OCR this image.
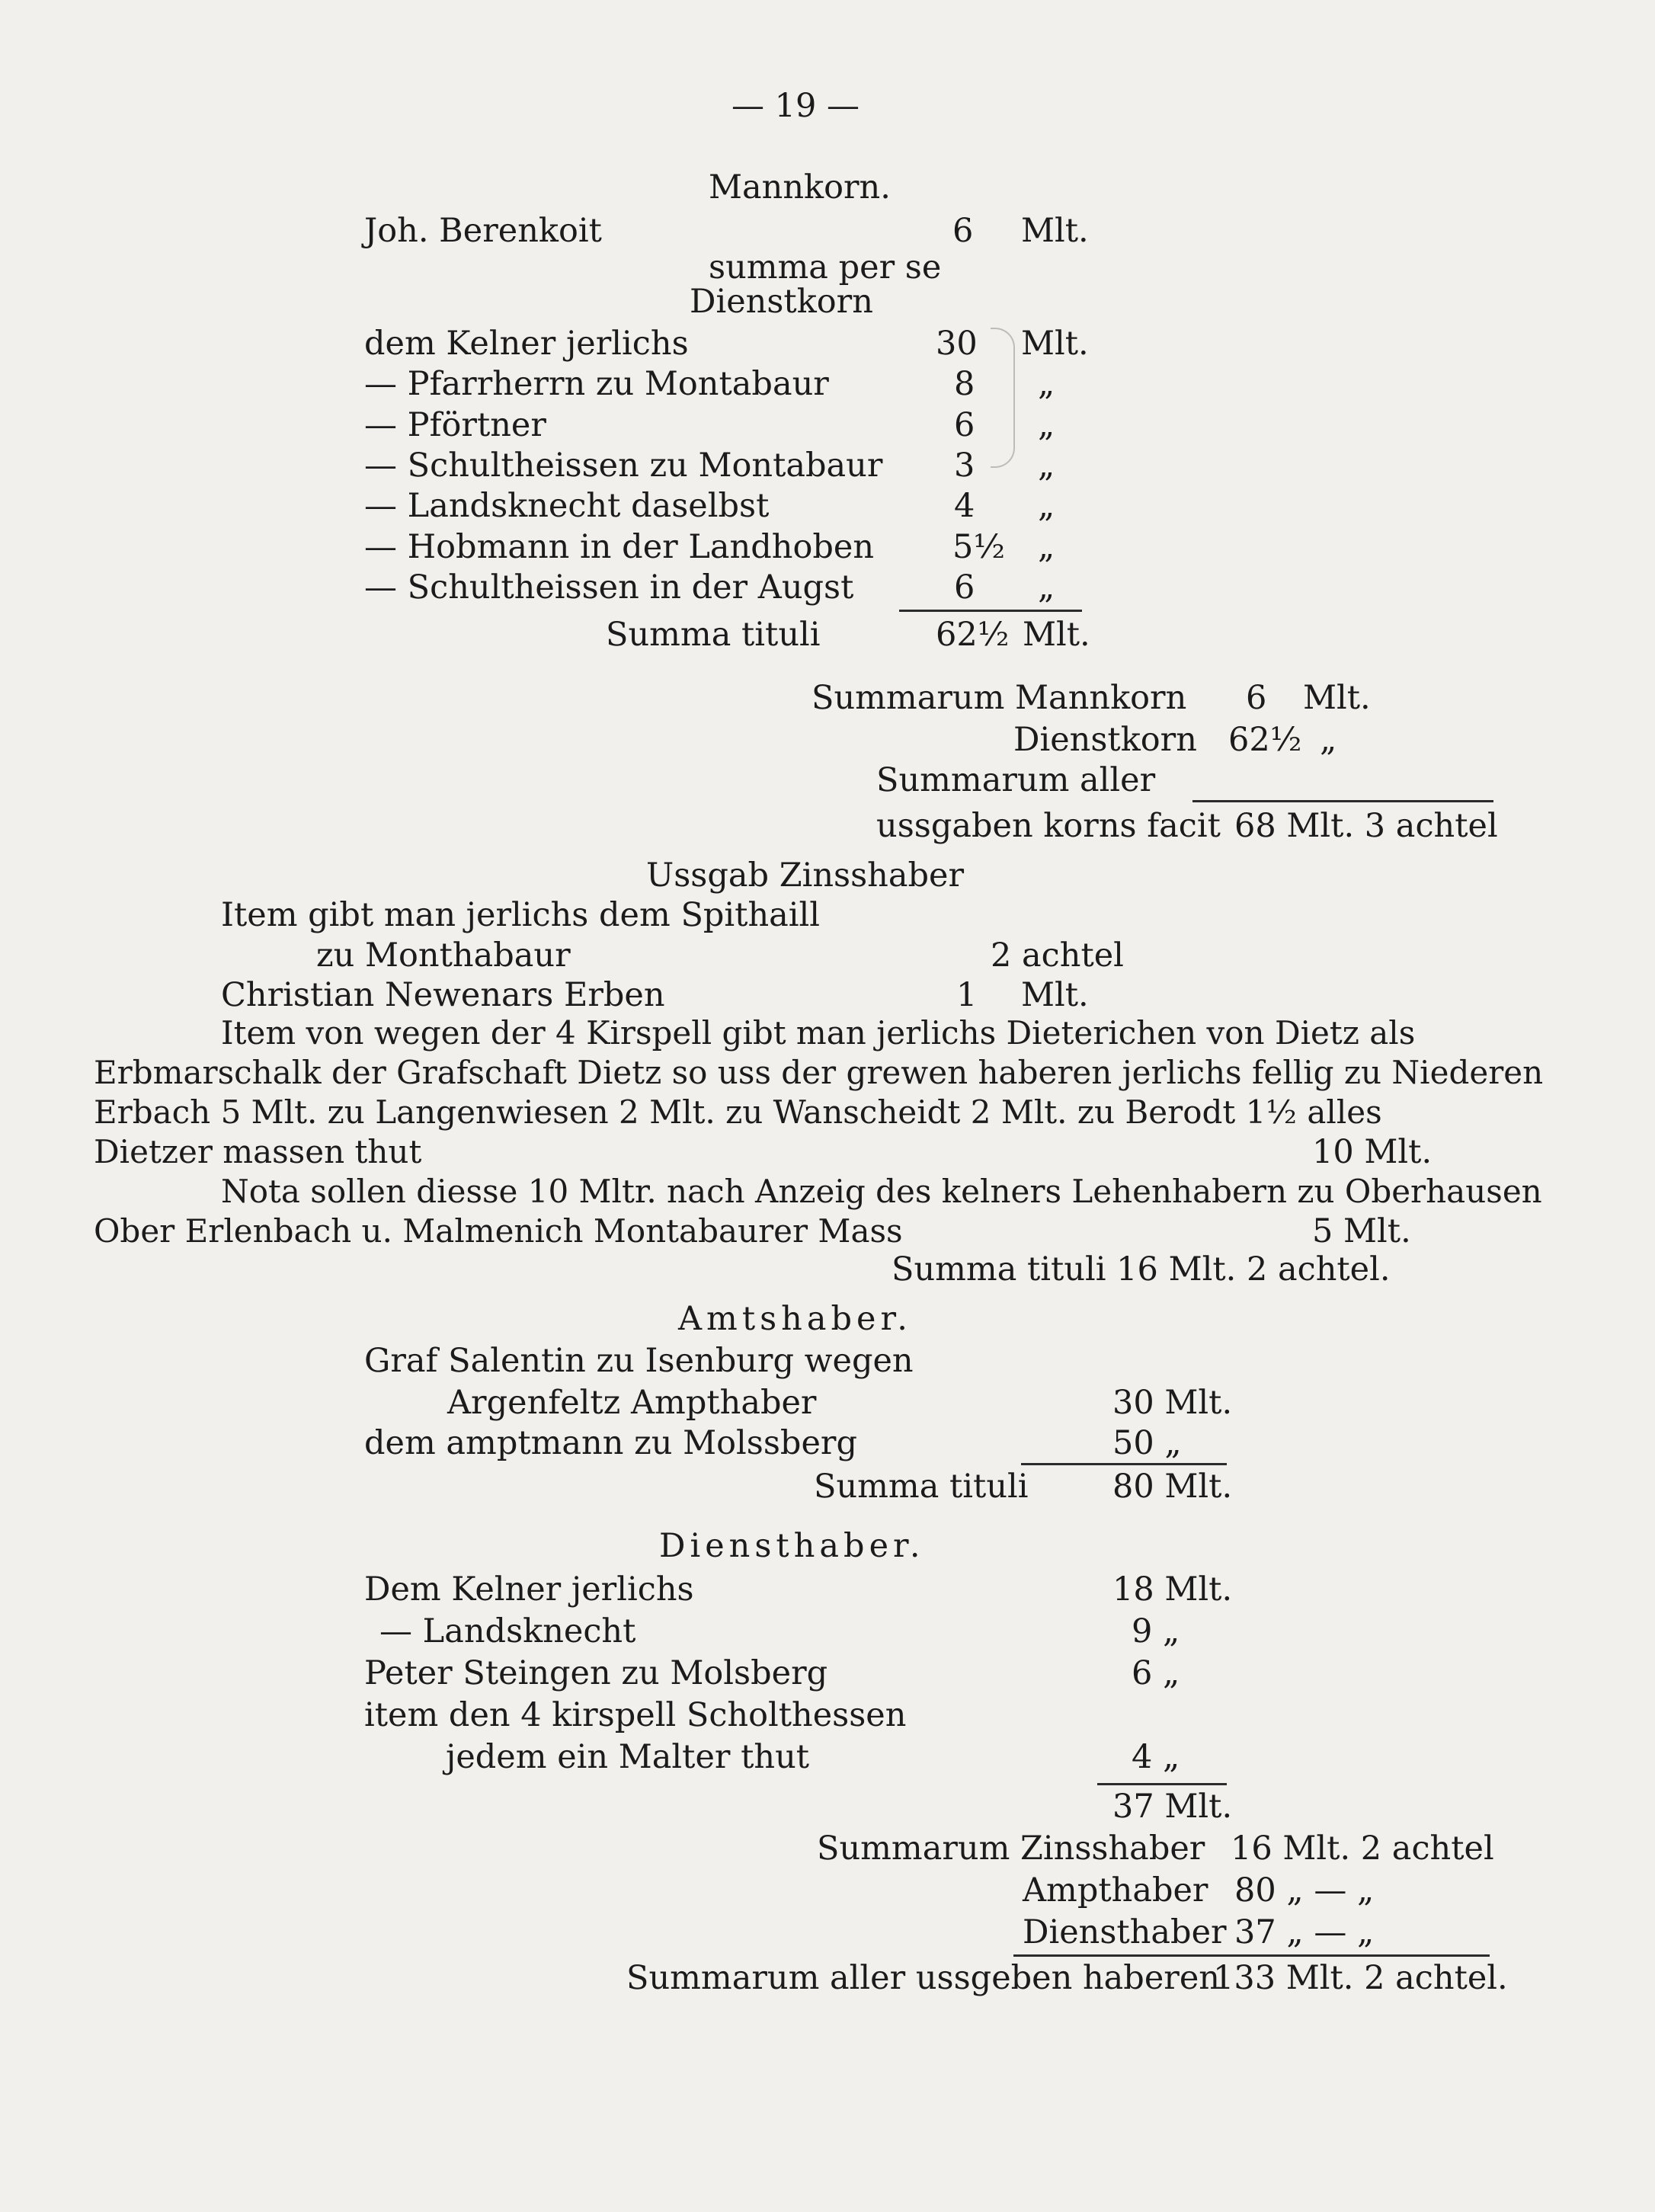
— 19 —
Mannkorn.
Joh. Berenkoit	6 Mlt.
summa per se
Dienstkorn
dem Kelner jerlichs	30 Mlt.
— Pfarrherrn zu Montabaur	8 „
— Pförtner	6 „
— Schultheissen zu Montabaur 3 „
— Landsknecht daselbst	4 „
— Hobmann in der Landhoben 5½ „
— Schultheissen in der Augst	6 „
Summa tituli	62½ Mlt.
Summarum Mannkorn 6 Mlt.
Dienstkorn 62½ „
Summarum aller
ussgaben korns facit 68 Mlt. 3 achtel
Ussgab Zinsshaber
Item gibt man jerlichs dem Spithaill
zu Monthabaur	2 achtel
Christian Newenars Erben	1 Mlt.
Item von wegen der 4 Kirspell gibt man jerlichs Dieterichen von Dietz als
Erbmarschalk der Grafschaft Dietz so uss der grewen haberen jerlichs fellig zu Niederen
Erbach 5 Mlt. zu Langenwiesen 2 Mlt. zu Wanscheidt 2 Mlt. zu Berodt 1½ alles
Dietzer massen thut	10 Mlt.
Nota sollen diesse 10 Mltr. nach Anzeig des kelners Lehenhabern zu Oberhausen
Ober Erlenbach u. Malmenich Montabaurer Mass	5 Mlt.
Summa tituli 16 Mlt. 2 achtel.
Amtshaber.
Graf Salentin zu Isenburg wegen
Argenfeltz Ampthaber	30 Mlt.
dem amptmann zu Molssberg	50 „
Summa tituli	80 Mlt.
Diensthaber.
Dem Kelner jerlichs	18 Mlt.
— Landsknecht	9 „
Peter Steingen zu Molsberg	6 „
item den 4 kirspell Scholthessen
jedem ein Malter thut	4 „
37 Mlt.
Summarum Zinsshaber 16 Mlt. 2 achtel
Ampthaber 80 „ — „
Diensthaber 37 „ — „
Summarum aller ussgeben haberen
133 Mlt. 2 achtel.
